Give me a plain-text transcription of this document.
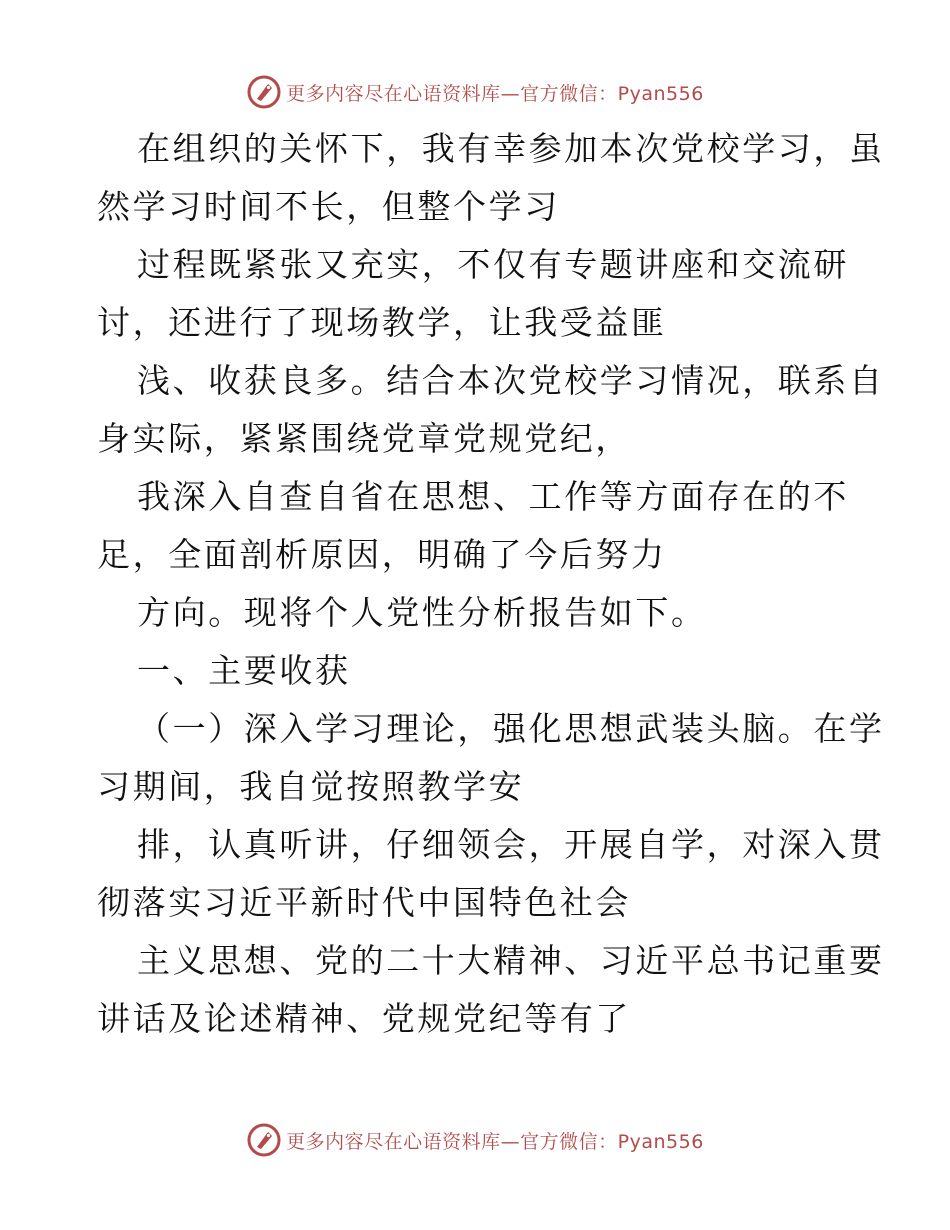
更多内容尽在心语资料库—官方微信：Pyan556
在组织的关怀下，我有幸参加本次党校学习，虽
然学习时间不长，但整个学习
过程既紧张又充实，不仅有专题讲座和交流研
讨，还进行了现场教学，让我受益匪
浅、收获良多。结合本次党校学习情况，联系自
身实际，紧紧围绕党章党规党纪，
我深入自查自省在思想、工作等方面存在的不
足，全面剖析原因，明确了今后努力
方向。现将个人党性分析报告如下。
一、主要收获
（一）深入学习理论，强化思想武装头脑。在学
习期间，我自觉按照教学安
排，认真听讲，仔细领会，开展自学，对深入贯
彻落实习近平新时代中国特色社会
主义思想、党的二十大精神、习近平总书记重要
讲话及论述精神、党规党纪等有了
更多内容尽在心语资料库—官方微信：Pyan556
